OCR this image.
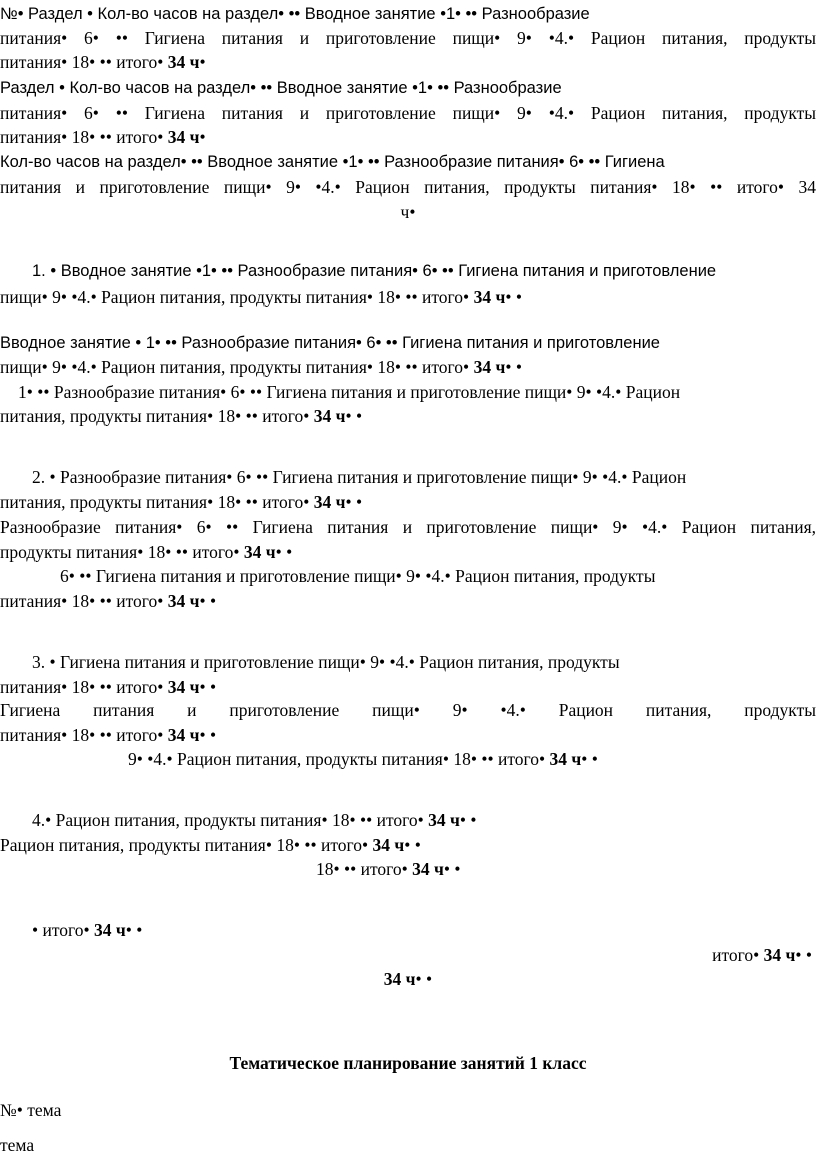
№• Раздел • Кол-во часов на раздел• •• Вводное занятие •1• •• Разнообразие
питания• 6• •• Гигиена питания и приготовление пищи• 9• •4.• Рацион питания, продукты
питания• 18• •• итого• 34 ч•
Раздел • Кол-во часов на раздел• •• Вводное занятие •1• •• Разнообразие
питания• 6• •• Гигиена питания и приготовление пищи• 9• •4.• Рацион питания, продукты
питания• 18• •• итого• 34 ч•
Кол-во часов на раздел• •• Вводное занятие •1• •• Разнообразие питания• 6• •• Гигиена
питания и приготовление пищи• 9• •4.• Рацион питания, продукты питания• 18• •• итого• 34
ч•
1. • Вводное занятие •1• •• Разнообразие питания• 6• •• Гигиена питания и приготовление
пищи• 9• •4.• Рацион питания, продукты питания• 18• •• итого• 34 ч• •
Вводное занятие • 1• •• Разнообразие питания• 6• •• Гигиена питания и приготовление
пищи• 9• •4.• Рацион питания, продукты питания• 18• •• итого• 34 ч• •
1• •• Разнообразие питания• 6• •• Гигиена питания и приготовление пищи• 9• •4.• Рацион
питания, продукты питания• 18• •• итого• 34 ч• •
2. • Разнообразие питания• 6• •• Гигиена питания и приготовление пищи• 9• •4.• Рацион
питания, продукты питания• 18• •• итого• 34 ч• •
Разнообразие питания• 6• •• Гигиена питания и приготовление пищи• 9• •4.• Рацион питания,
продукты питания• 18• •• итого• 34 ч• •
6• •• Гигиена питания и приготовление пищи• 9• •4.• Рацион питания, продукты
питания• 18• •• итого• 34 ч• •
3. • Гигиена питания и приготовление пищи• 9• •4.• Рацион питания, продукты
питания• 18• •• итого• 34 ч• •
Гигиена питания и приготовление пищи• 9• •4.• Рацион питания, продукты
питания• 18• •• итого• 34 ч• •
9• •4.• Рацион питания, продукты питания• 18• •• итого• 34 ч• •
4.• Рацион питания, продукты питания• 18• •• итого• 34 ч• •
Рацион питания, продукты питания• 18• •• итого• 34 ч• •
18• •• итого• 34 ч• •
• итого• 34 ч• •
итого• 34 ч• •
34 ч• •
Тематическое планирование занятий 1 класс
№• тема
тема
